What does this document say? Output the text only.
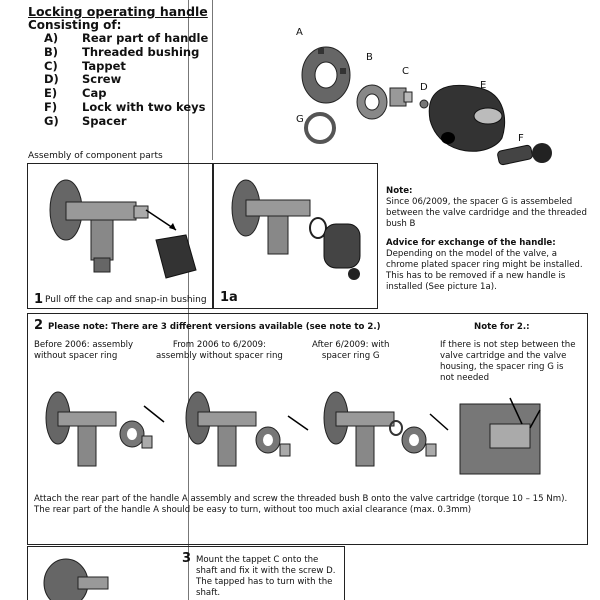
Locking operating handle
Consisting of:
A)	Rear part of handle
B)	Threaded bushing
C)	Tappet
D)	Screw
E)	Cap
F)	Lock with two keys
G)	Spacer
A
B
C
D	E
F
G
Assembly of component parts
1 Pull off the cap and snap-in bushing 1a
Note:
Since 06/2009, the spacer G is assembeled
between the valve cardridge and the threaded
bush B
Advice for exchange of the handle:
Depending on the model of the valve, a
chrome plated spacer ring might be installed.
This has to be removed if a new handle is
installed (See picture 1a).
2 Please note: There are 3 different versions available (see note to 2.)	Note for 2.:
Before 2006: assembly
without spacer ring
From 2006 to 6/2009:
assembly without spacer ring
After 6/2009: with
spacer ring G
If there is not step between the
valve cartridge and the valve
housing, the spacer ring G is
not needed
Attach the rear part of the handle A assembly and screw the threaded bush B onto the valve cartridge (torque 10 – 15 Nm).
The rear part of the handle A should be easy to turn, without too much axial clearance (max. 0.3mm)
3 Mount the tappet C onto the
shaft and fix it with the screw D.
The tapped has to turn with the
shaft.
